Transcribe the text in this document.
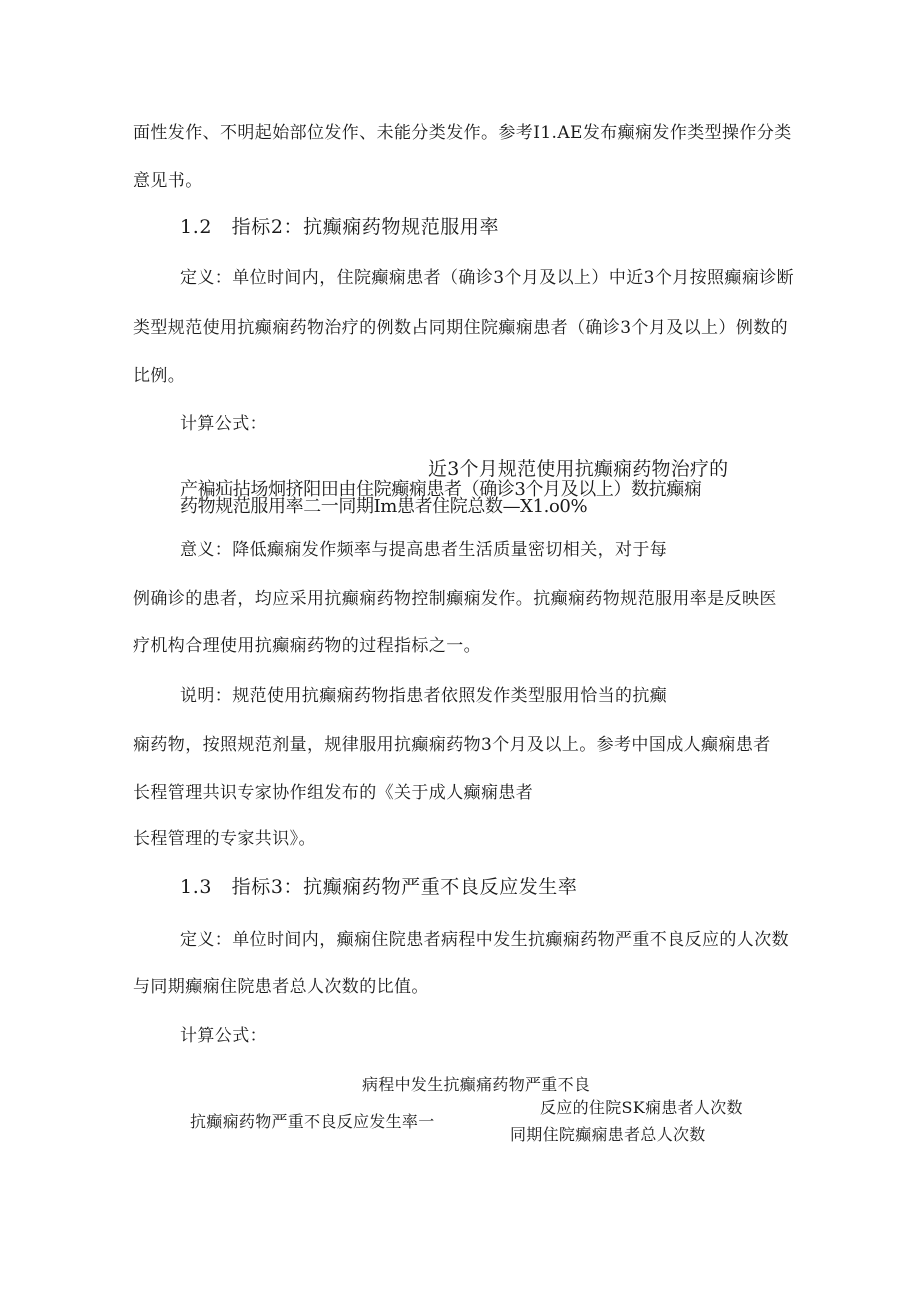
面性发作、不明起始部位发作、未能分类发作。参考I1.AE发布癫痫发作类型操作分类
意见书。
1.2　指标2：抗癫痫药物规范服用率
定义：单位时间内，住院癫痫患者（确诊3个月及以上）中近3个月按照癫痫诊断
类型规范使用抗癫痫药物治疗的例数占同期住院癫痫患者（确诊3个月及以上）例数的
比例。
计算公式：
近3个月规范使用抗癫痫药物治疗的
产褊疝拈场炯挤阳田由住院癫痫患者（确诊3个月及以上）数抗癫痫
药物规范服用率二一同期Im患者住院总数—X1.o0%
意义：降低癫痫发作频率与提高患者生活质量密切相关，对于每
例确诊的患者，均应采用抗癫痫药物控制癫痫发作。抗癫痫药物规范服用率是反映医
疗机构合理使用抗癫痫药物的过程指标之一。
说明：规范使用抗癫痫药物指患者依照发作类型服用恰当的抗癫
痫药物，按照规范剂量，规律服用抗癫痫药物3个月及以上。参考中国成人癫痫患者
长程管理共识专家协作组发布的《关于成人癫痫患者
长程管理的专家共识》。
1.3　指标3：抗癫痫药物严重不良反应发生率
定义：单位时间内，癫痫住院患者病程中发生抗癫痫药物严重不良反应的人次数
与同期癫痫住院患者总人次数的比值。
计算公式：
病程中发生抗癫痛药物严重不良
反应的住院SK痫患者人次数
抗癫痫药物严重不良反应发生率一
同期住院癫痫患者总人次数
